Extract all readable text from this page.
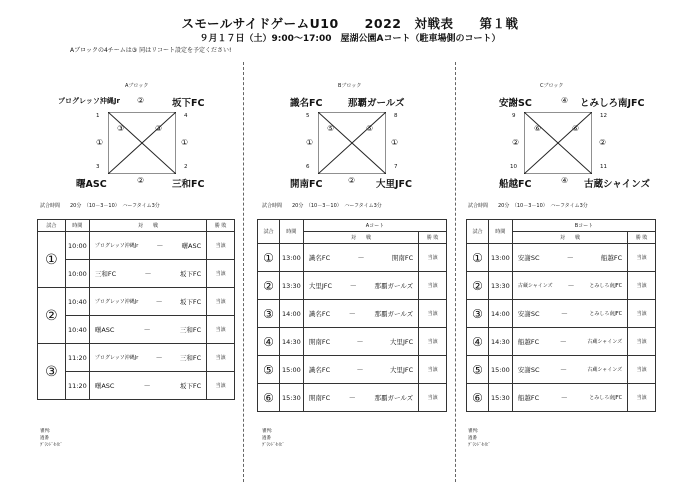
スモールサイドゲームU10　　2022　対戦表　　第１戦
９月１７日（土）9:00～17:00　屋湖公園Aコート（駐車場側のコート）
Aブロックの4チームは③ 同はリコート設定を予定ください!
Aブロック
プログレッソ沖縄Jr	坂下FC
曙ASC	三和FC
②
②
①	①
③	③
1	4
3	2
Bブロック
識名FC	那覇ガールズ
開南FC	大里JFC
②
⑤	⑤
①	①
5	8
6	7
Cブロック
安謝SC	とみしろ南JFC
船越FC	古蔵シャインズ
④
④
②	②
⑥	⑥
9	12
10	11
試合時間　　20分　（10－3－10）　ハーフタイム3分	試合時間　　20分　（10－3－10）　ハーフタイム3分	試合時間　　20分　（10－3－10）　ハーフタイム3分
試合	時間	対　　戦	勝 敗
①	10:00	プログレッソ沖縄Jr — 曙ASC	当該
	10:00	三和FC — 坂下FC	当該
②	10:40	プログレッソ沖縄Jr — 坂下FC	当該
	10:40	曙ASC — 三和FC	当該
③	11:20	プログレッソ沖縄Jr — 三和FC	当該
	11:20	曙ASC — 坂下FC	当該
審判:
過番
ｸﾞﾗﾝﾄﾞｾｲﾋﾞ
試合	時間	Aコート	
		対　　戦	勝 敗
①	13:00	識名FC — 開南FC	当該
②	13:30	大里JFC — 那覇ガールズ	当該
③	14:00	識名FC — 那覇ガールズ	当該
④	14:30	開南FC — 大里JFC	当該
⑤	15:00	識名FC — 大里JFC	当該
⑥	15:30	開南FC — 那覇ガールズ	当該
審判:
過番
ｸﾞﾗﾝﾄﾞｾｲﾋﾞ
試合	時間	Bコート	
		対　　戦	勝 敗
①	13:00	安謝SC — 船越FC	当該
②	13:30	古蔵シャインズ — とみしろ南JFC	当該
③	14:00	安謝SC — とみしろ南JFC	当該
④	14:30	船越FC — 古蔵シャインズ	当該
⑤	15:00	安謝SC — 古蔵シャインズ	当該
⑥	15:30	船越FC — とみしろ南JFC	当該
審判:
過番
ｸﾞﾗﾝﾄﾞｾｲﾋﾞ
